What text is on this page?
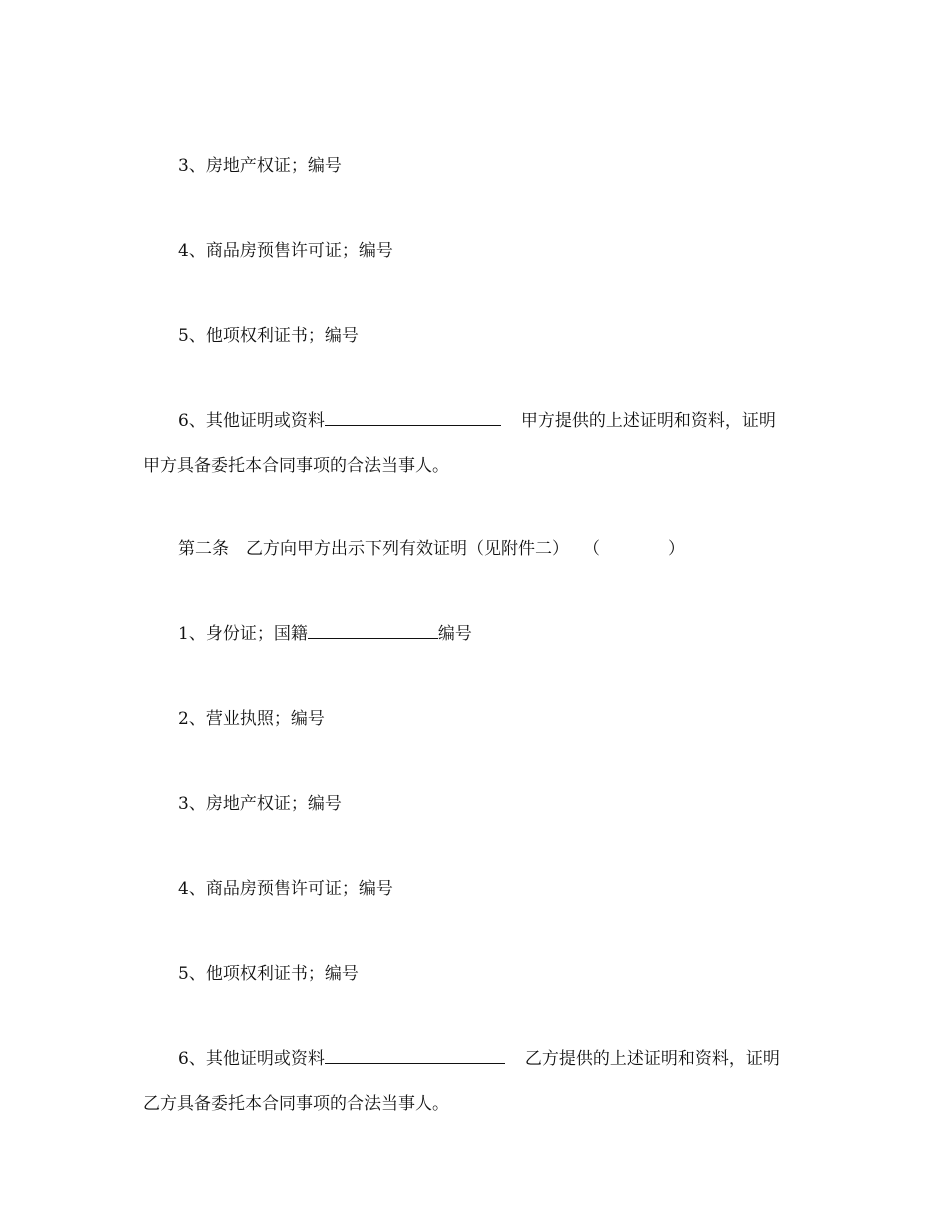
3、房地产权证；编号
4、商品房预售许可证；编号
5、他项权利证书；编号
6、其他证明或资料	甲方提供的上述证明和资料，证明
甲方具备委托本合同事项的合法当事人。
第二条　乙方向甲方出示下列有效证明（见附件二） （	）
1、身份证；国籍	编号
2、营业执照；编号
3、房地产权证；编号
4、商品房预售许可证；编号
5、他项权利证书；编号
6、其他证明或资料	乙方提供的上述证明和资料，证明
乙方具备委托本合同事项的合法当事人。
